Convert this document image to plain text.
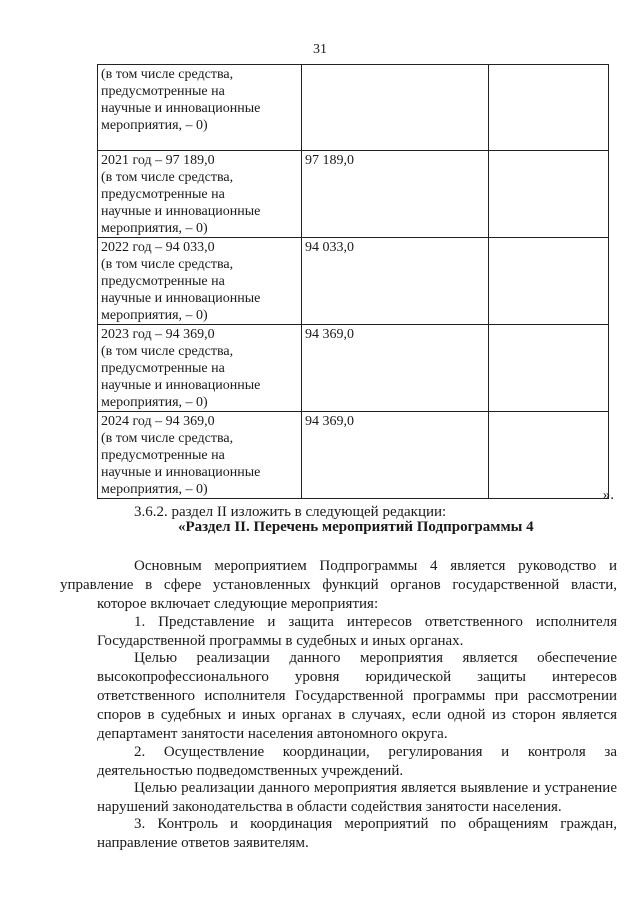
31
(в том числе средства,
предусмотренные на
научные и инновационные
мероприятия, – 0)		

2021 год – 97 189,0
(в том числе средства,
предусмотренные на
научные и инновационные
мероприятия, – 0)	97 189,0	

2022 год – 94 033,0
(в том числе средства,
предусмотренные на
научные и инновационные
мероприятия, – 0)	94 033,0	

2023 год – 94 369,0
(в том числе средства,
предусмотренные на
научные и инновационные
мероприятия, – 0)	94 369,0	

2024 год – 94 369,0
(в том числе средства,
предусмотренные на
научные и инновационные
мероприятия, – 0)	94 369,0	
».
3.6.2. раздел II изложить в следующей редакции:
«Раздел II. Перечень мероприятий Подпрограммы 4
Основным мероприятием Подпрограммы 4 является руководство и
управление в сфере установленных функций органов государственной власти,
которое включает следующие мероприятия:
1. Представление и защита интересов ответственного исполнителя
Государственной программы в судебных и иных органах.
Целью реализации данного мероприятия является обеспечение
высокопрофессионального уровня юридической защиты интересов
ответственного исполнителя Государственной программы при рассмотрении
споров в судебных и иных органах в случаях, если одной из сторон является
департамент занятости населения автономного округа.
2. Осуществление координации, регулирования и контроля за
деятельностью подведомственных учреждений.
Целью реализации данного мероприятия является выявление и устранение
нарушений законодательства в области содействия занятости населения.
3. Контроль и координация мероприятий по обращениям граждан,
направление ответов заявителям.
